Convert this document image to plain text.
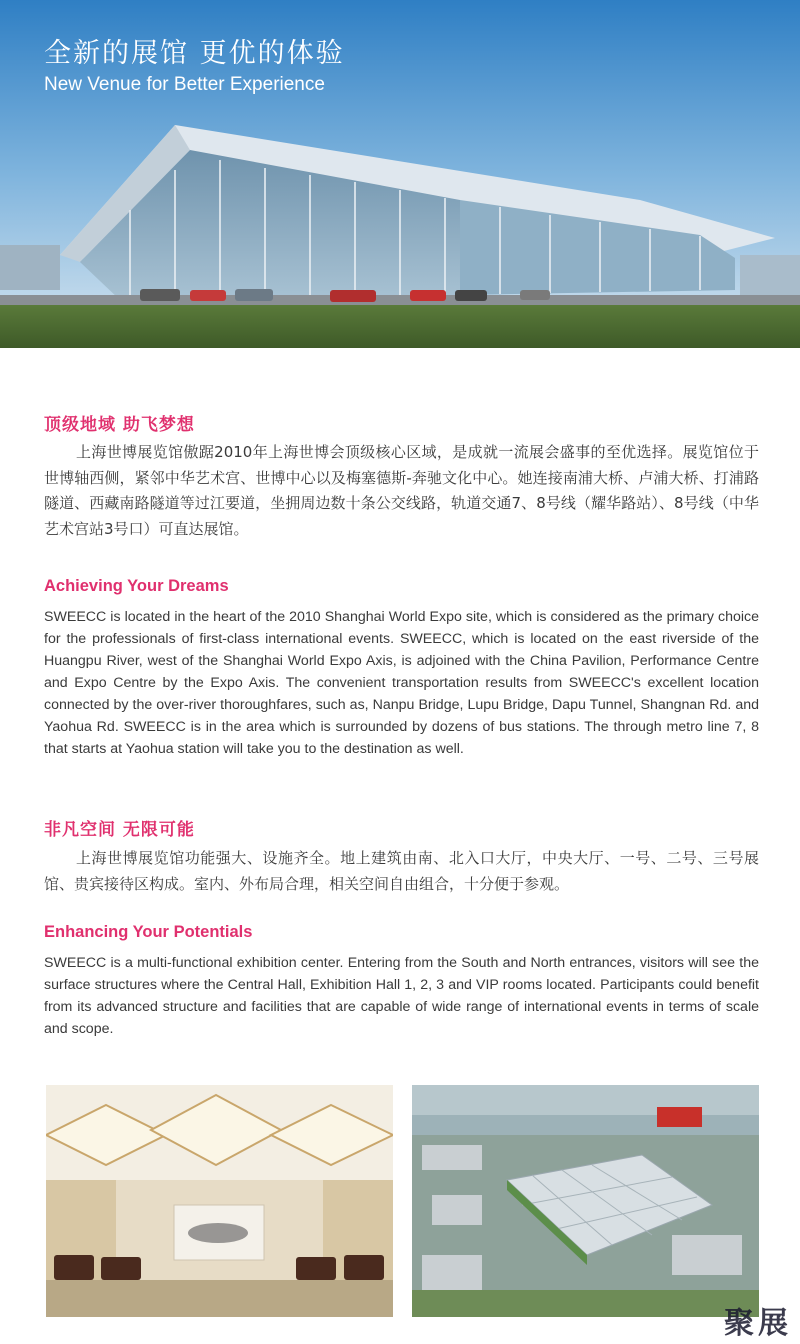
全新的展馆 更优的体验
New Venue for Better Experience
顶级地域 助飞梦想
上海世博展览馆傲踞2010年上海世博会顶级核心区域，是成就一流展会盛事的至优选择。展览馆位于世博轴西侧，紧邻中华艺术宫、世博中心以及梅塞德斯-奔驰文化中心。她连接南浦大桥、卢浦大桥、打浦路隧道、西藏南路隧道等过江要道，坐拥周边数十条公交线路，轨道交通7、8号线（耀华路站）、8号线（中华艺术宫站3号口）可直达展馆。
Achieving Your Dreams
SWEECC is located in the heart of the 2010 Shanghai World Expo site, which is considered as the primary choice for the professionals of first-class international events. SWEECC, which is located on the east riverside of the Huangpu River, west of the Shanghai World Expo Axis, is adjoined with the China Pavilion, Performance Centre and Expo Centre by the Expo Axis. The convenient transportation results from SWEECC's excellent location connected by the over-river thoroughfares, such as, Nanpu Bridge, Lupu Bridge, Dapu Tunnel, Shangnan Rd. and Yaohua Rd. SWEECC is in the area which is surrounded by dozens of bus stations. The through metro line 7, 8 that starts at Yaohua station will take you to the destination as well.
非凡空间 无限可能
上海世博展览馆功能强大、设施齐全。地上建筑由南、北入口大厅，中央大厅、一号、二号、三号展馆、贵宾接待区构成。室内、外布局合理，相关空间自由组合，十分便于参观。
Enhancing Your Potentials
SWEECC is a multi-functional exhibition center. Entering from the South and North entrances, visitors will see the surface structures where the Central Hall, Exhibition Hall 1, 2, 3 and VIP rooms located. Participants could benefit from its advanced structure and facilities that are capable of wide range of international events in terms of scale and scope.
聚展
